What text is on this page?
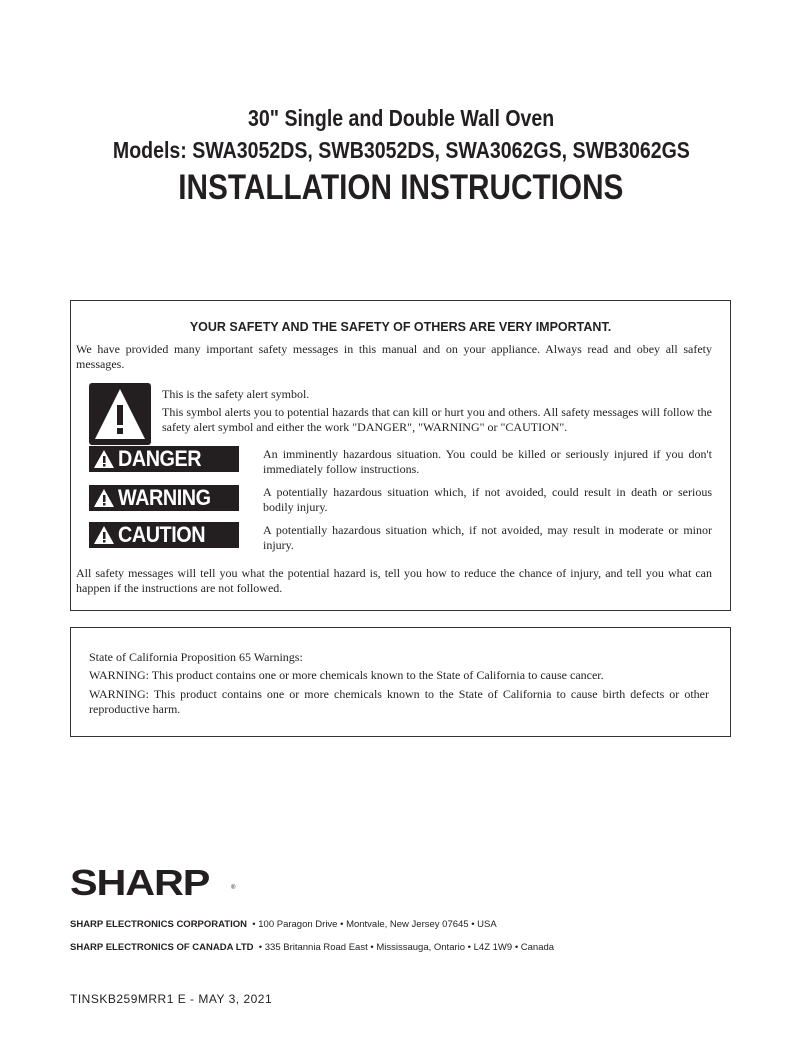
30" Single and Double Wall Oven
Models: SWA3052DS, SWB3052DS, SWA3062GS, SWB3062GS
INSTALLATION INSTRUCTIONS
YOUR SAFETY AND THE SAFETY OF OTHERS ARE VERY IMPORTANT.
We have provided many important safety messages in this manual and on your appliance. Always read and obey all safety messages.
This is the safety alert symbol.
This symbol alerts you to potential hazards that can kill or hurt you and others. All safety messages will follow the safety alert symbol and either the work "DANGER", "WARNING" or "CAUTION".
DANGER	An imminently hazardous situation. You could be killed or seriously injured if you don't immediately follow instructions.
WARNING	A potentially hazardous situation which, if not avoided, could result in death or serious bodily injury.
CAUTION	A potentially hazardous situation which, if not avoided, may result in moderate or minor injury.
All safety messages will tell you what the potential hazard is, tell you how to reduce the chance of injury, and tell you what can happen if the instructions are not followed.
State of California Proposition 65 Warnings:
WARNING: This product contains one or more chemicals known to the State of California to cause cancer.
WARNING: This product contains one or more chemicals known to the State of California to cause birth defects or other reproductive harm.
SHARP	®
SHARP ELECTRONICS CORPORATION • 100 Paragon Drive • Montvale, New Jersey 07645 • USA
SHARP ELECTRONICS OF CANADA LTD • 335 Britannia Road East • Mississauga, Ontario • L4Z 1W9 • Canada
TINSKB259MRR1 E - MAY 3, 2021
